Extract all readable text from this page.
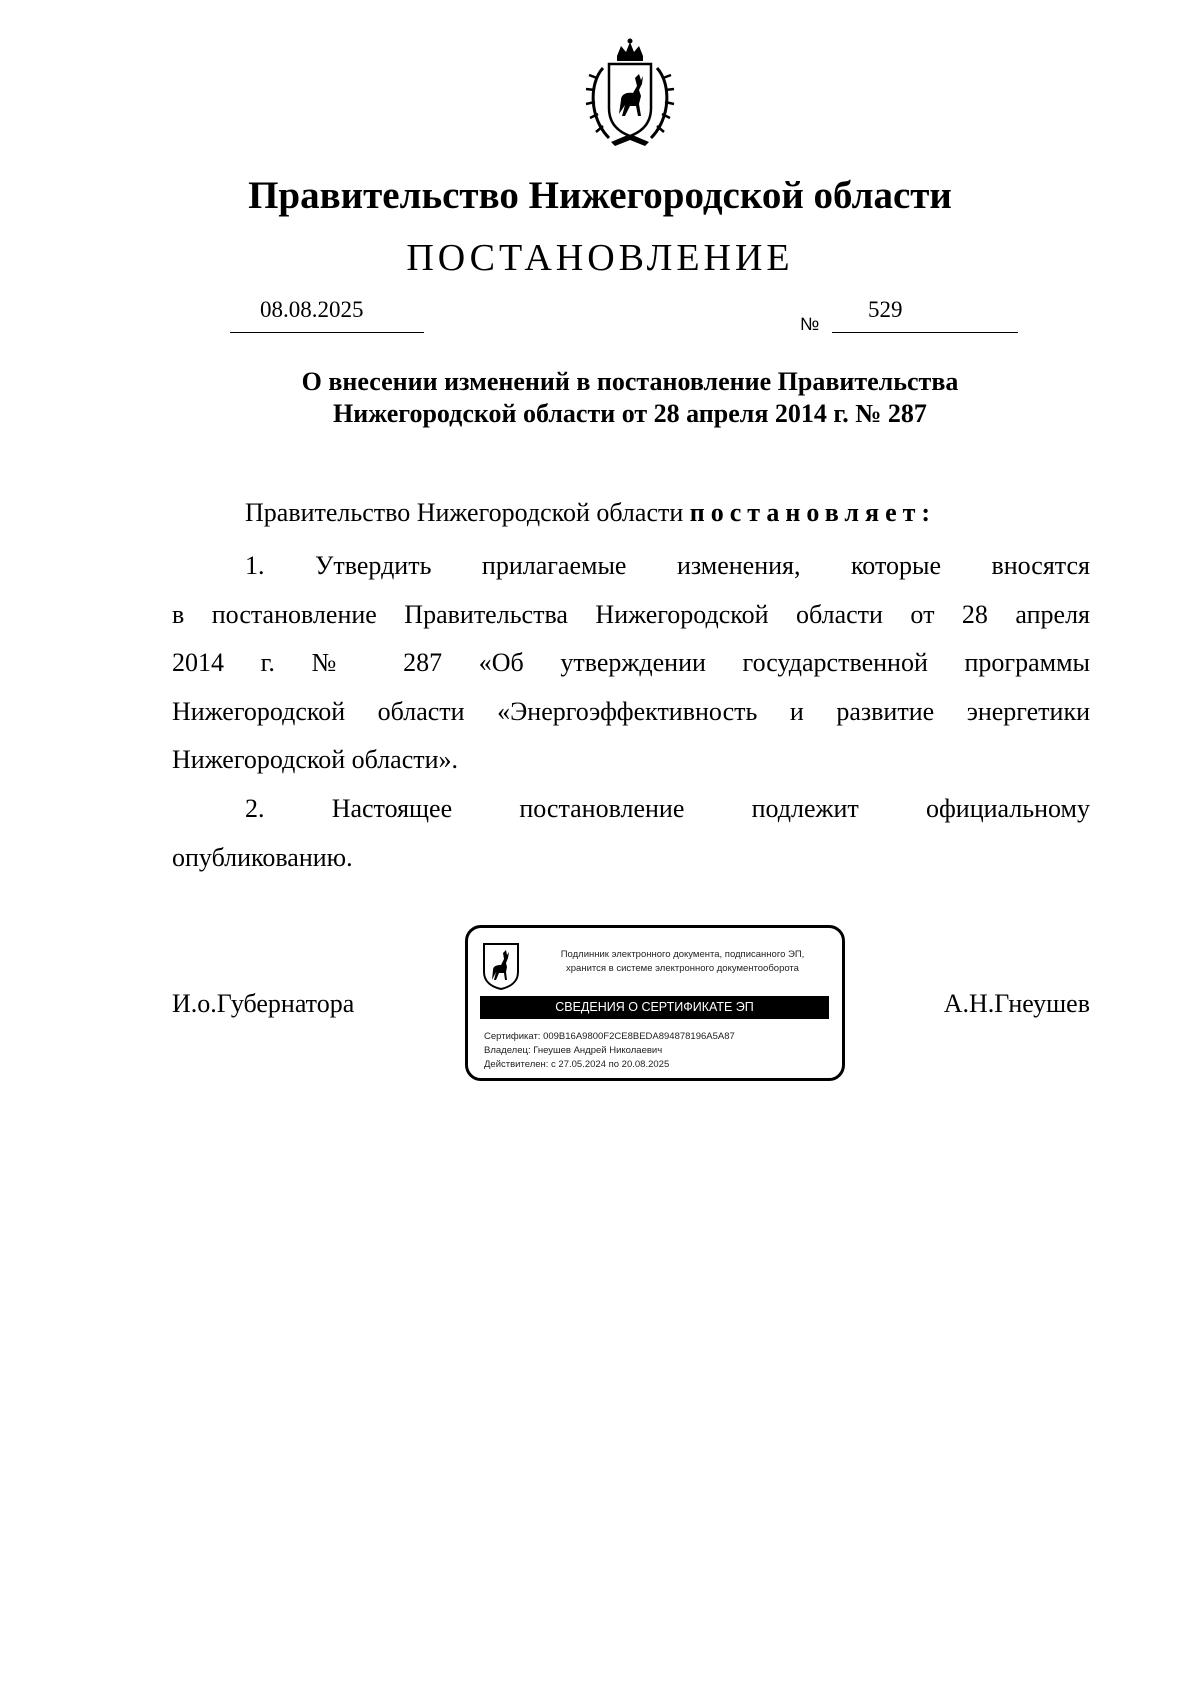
Правительство Нижегородской области
ПОСТАНОВЛЕНИЕ
08.08.2025
№
529
О внесении изменений в постановление Правительства
Нижегородской области от 28 апреля 2014 г. № 287
Правительство Нижегородской области постановляет:
1. Утвердить прилагаемые изменения, которые вносятся
в постановление Правительства Нижегородской области от 28 апреля
2014 г. № 287 «Об утверждении государственной программы
Нижегородской области «Энергоэффективность и развитие энергетики
Нижегородской области».
2. Настоящее постановление подлежит официальному
опубликованию.
И.о.Губернатора
Подлинник электронного документа, подписанного ЭП,
хранится в системе электронного документооборота
СВЕДЕНИЯ О СЕРТИФИКАТЕ ЭП
Сертификат: 009B16A9800F2CE8BEDA894878196A5A87
Владелец: Гнеушев Андрей Николаевич
Действителен: с 27.05.2024 по 20.08.2025
А.Н.Гнеушев
